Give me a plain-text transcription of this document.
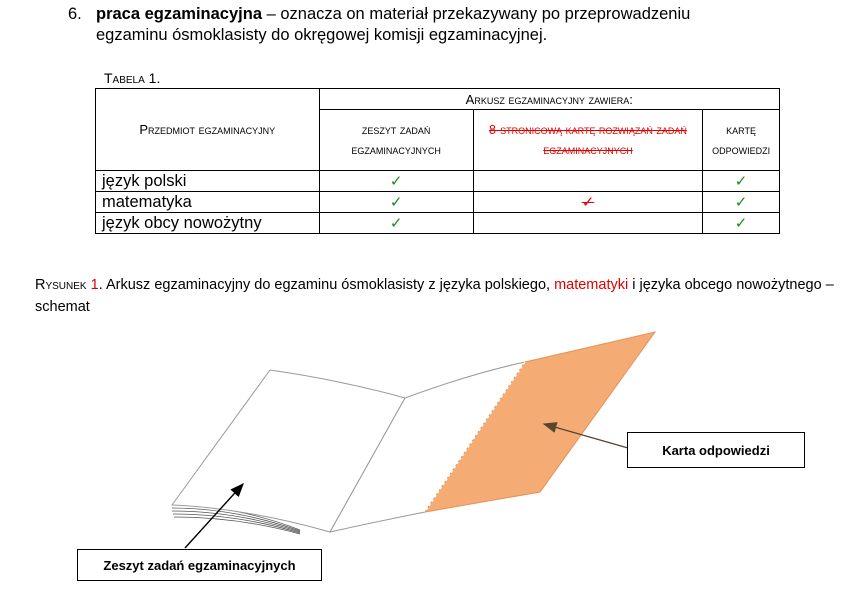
6. praca egzaminacyjna – oznacza on materiał przekazywany po przeprowadzeniu
egzaminu ósmoklasisty do okręgowej komisji egzaminacyjnej.
Tabela 1.
Przedmiot egzaminacyjny	Arkusz egzaminacyjny zawiera:		
	zeszyt zadań egzaminacyjnych	8-stronicową kartę rozwiązań zadań egzaminacyjnych	kartę odpowiedzi
język polski	✓		✓
matematyka	✓	✓	✓
język obcy nowożytny	✓		✓
Rysunek 1. Arkusz egzaminacyjny do egzaminu ósmoklasisty z języka polskiego, matematyki i języka obcego nowożytnego – schemat
Karta odpowiedzi
Zeszyt zadań egzaminacyjnych
